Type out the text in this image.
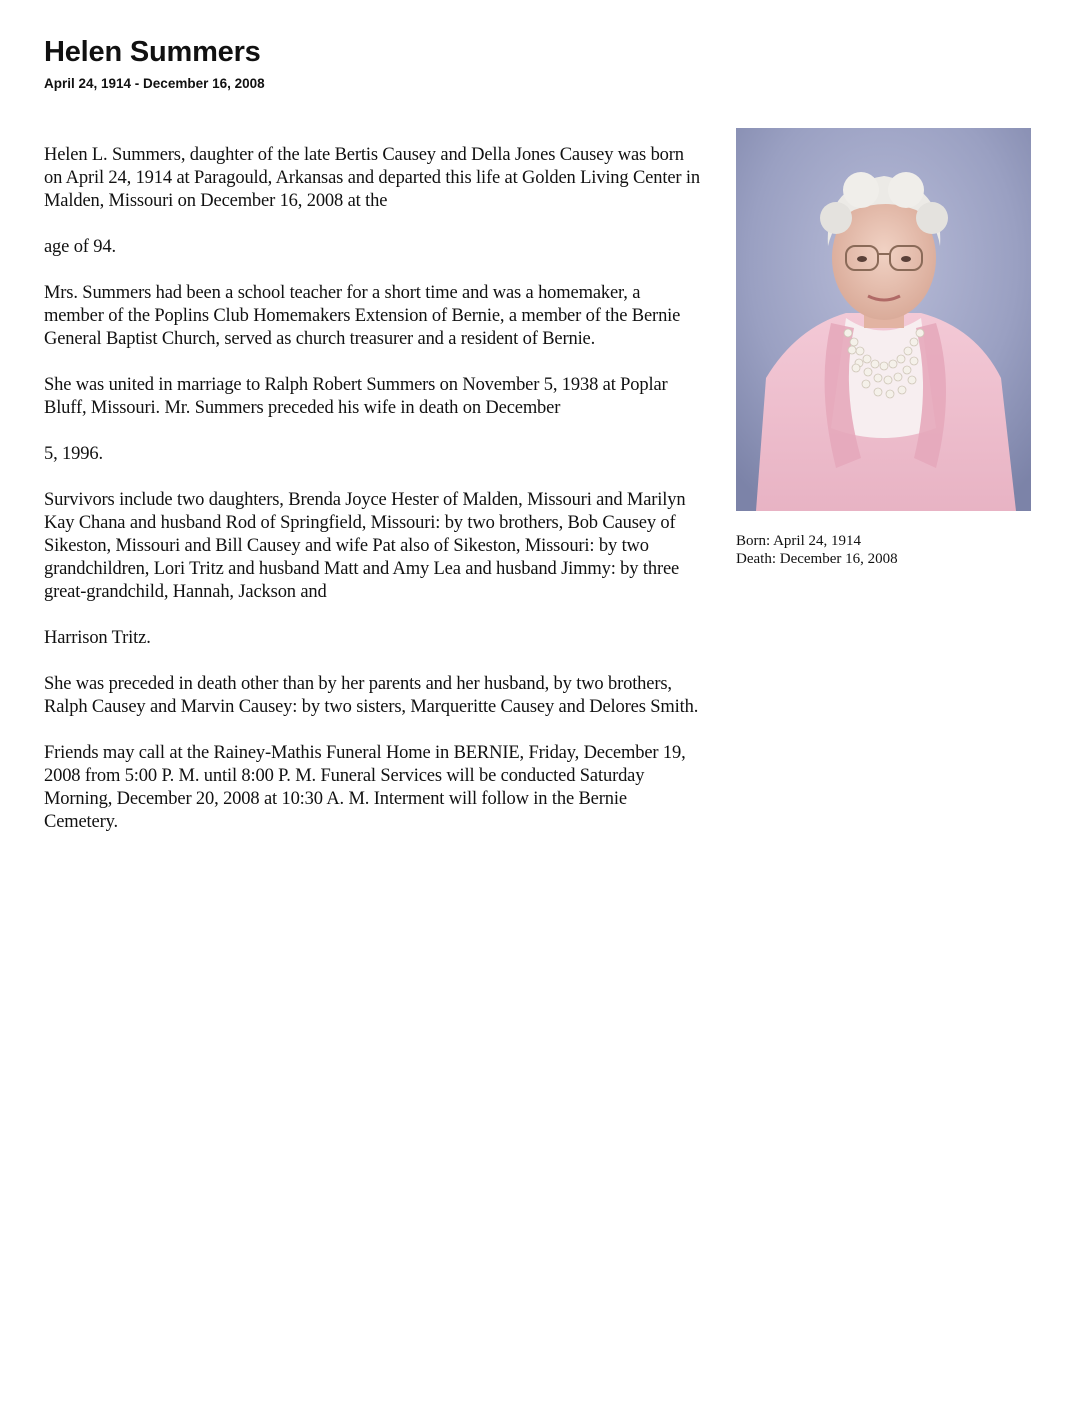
Helen Summers
April 24, 1914 - December 16, 2008

Helen L. Summers, daughter of the late Bertis Causey and Della Jones Causey was born on April 24, 1914 at Paragould, Arkansas and departed this life at Golden Living Center in Malden, Missouri on December 16, 2008 at the

age of 94.

Mrs. Summers had been a school teacher for a short time and was a homemaker, a member of the Poplins Club Homemakers Extension of Bernie, a member of the Bernie General Baptist Church, served as church treasurer and a resident of Bernie.

She was united in marriage to Ralph Robert Summers on November 5, 1938 at Poplar Bluff, Missouri. Mr. Summers preceded his wife in death on December

5, 1996.

Survivors include two daughters, Brenda Joyce Hester of Malden, Missouri and Marilyn Kay Chana and husband Rod of Springfield, Missouri: by two brothers, Bob Causey of Sikeston, Missouri and Bill Causey and wife Pat also of Sikeston, Missouri: by two grandchildren, Lori Tritz and husband Matt and Amy Lea and husband Jimmy: by three great-grandchild, Hannah, Jackson and

Harrison Tritz.

She was preceded in death other than by her parents and her husband, by two brothers, Ralph Causey and Marvin Causey: by two sisters, Marqueritte Causey and Delores Smith.

Friends may call at the Rainey-Mathis Funeral Home in BERNIE, Friday, December 19, 2008 from 5:00 P. M. until 8:00 P. M. Funeral Services will be conducted Saturday Morning, December 20, 2008 at 10:30 A. M. Interment will follow in the Bernie Cemetery.

Born: April 24, 1914
Death: December 16, 2008
